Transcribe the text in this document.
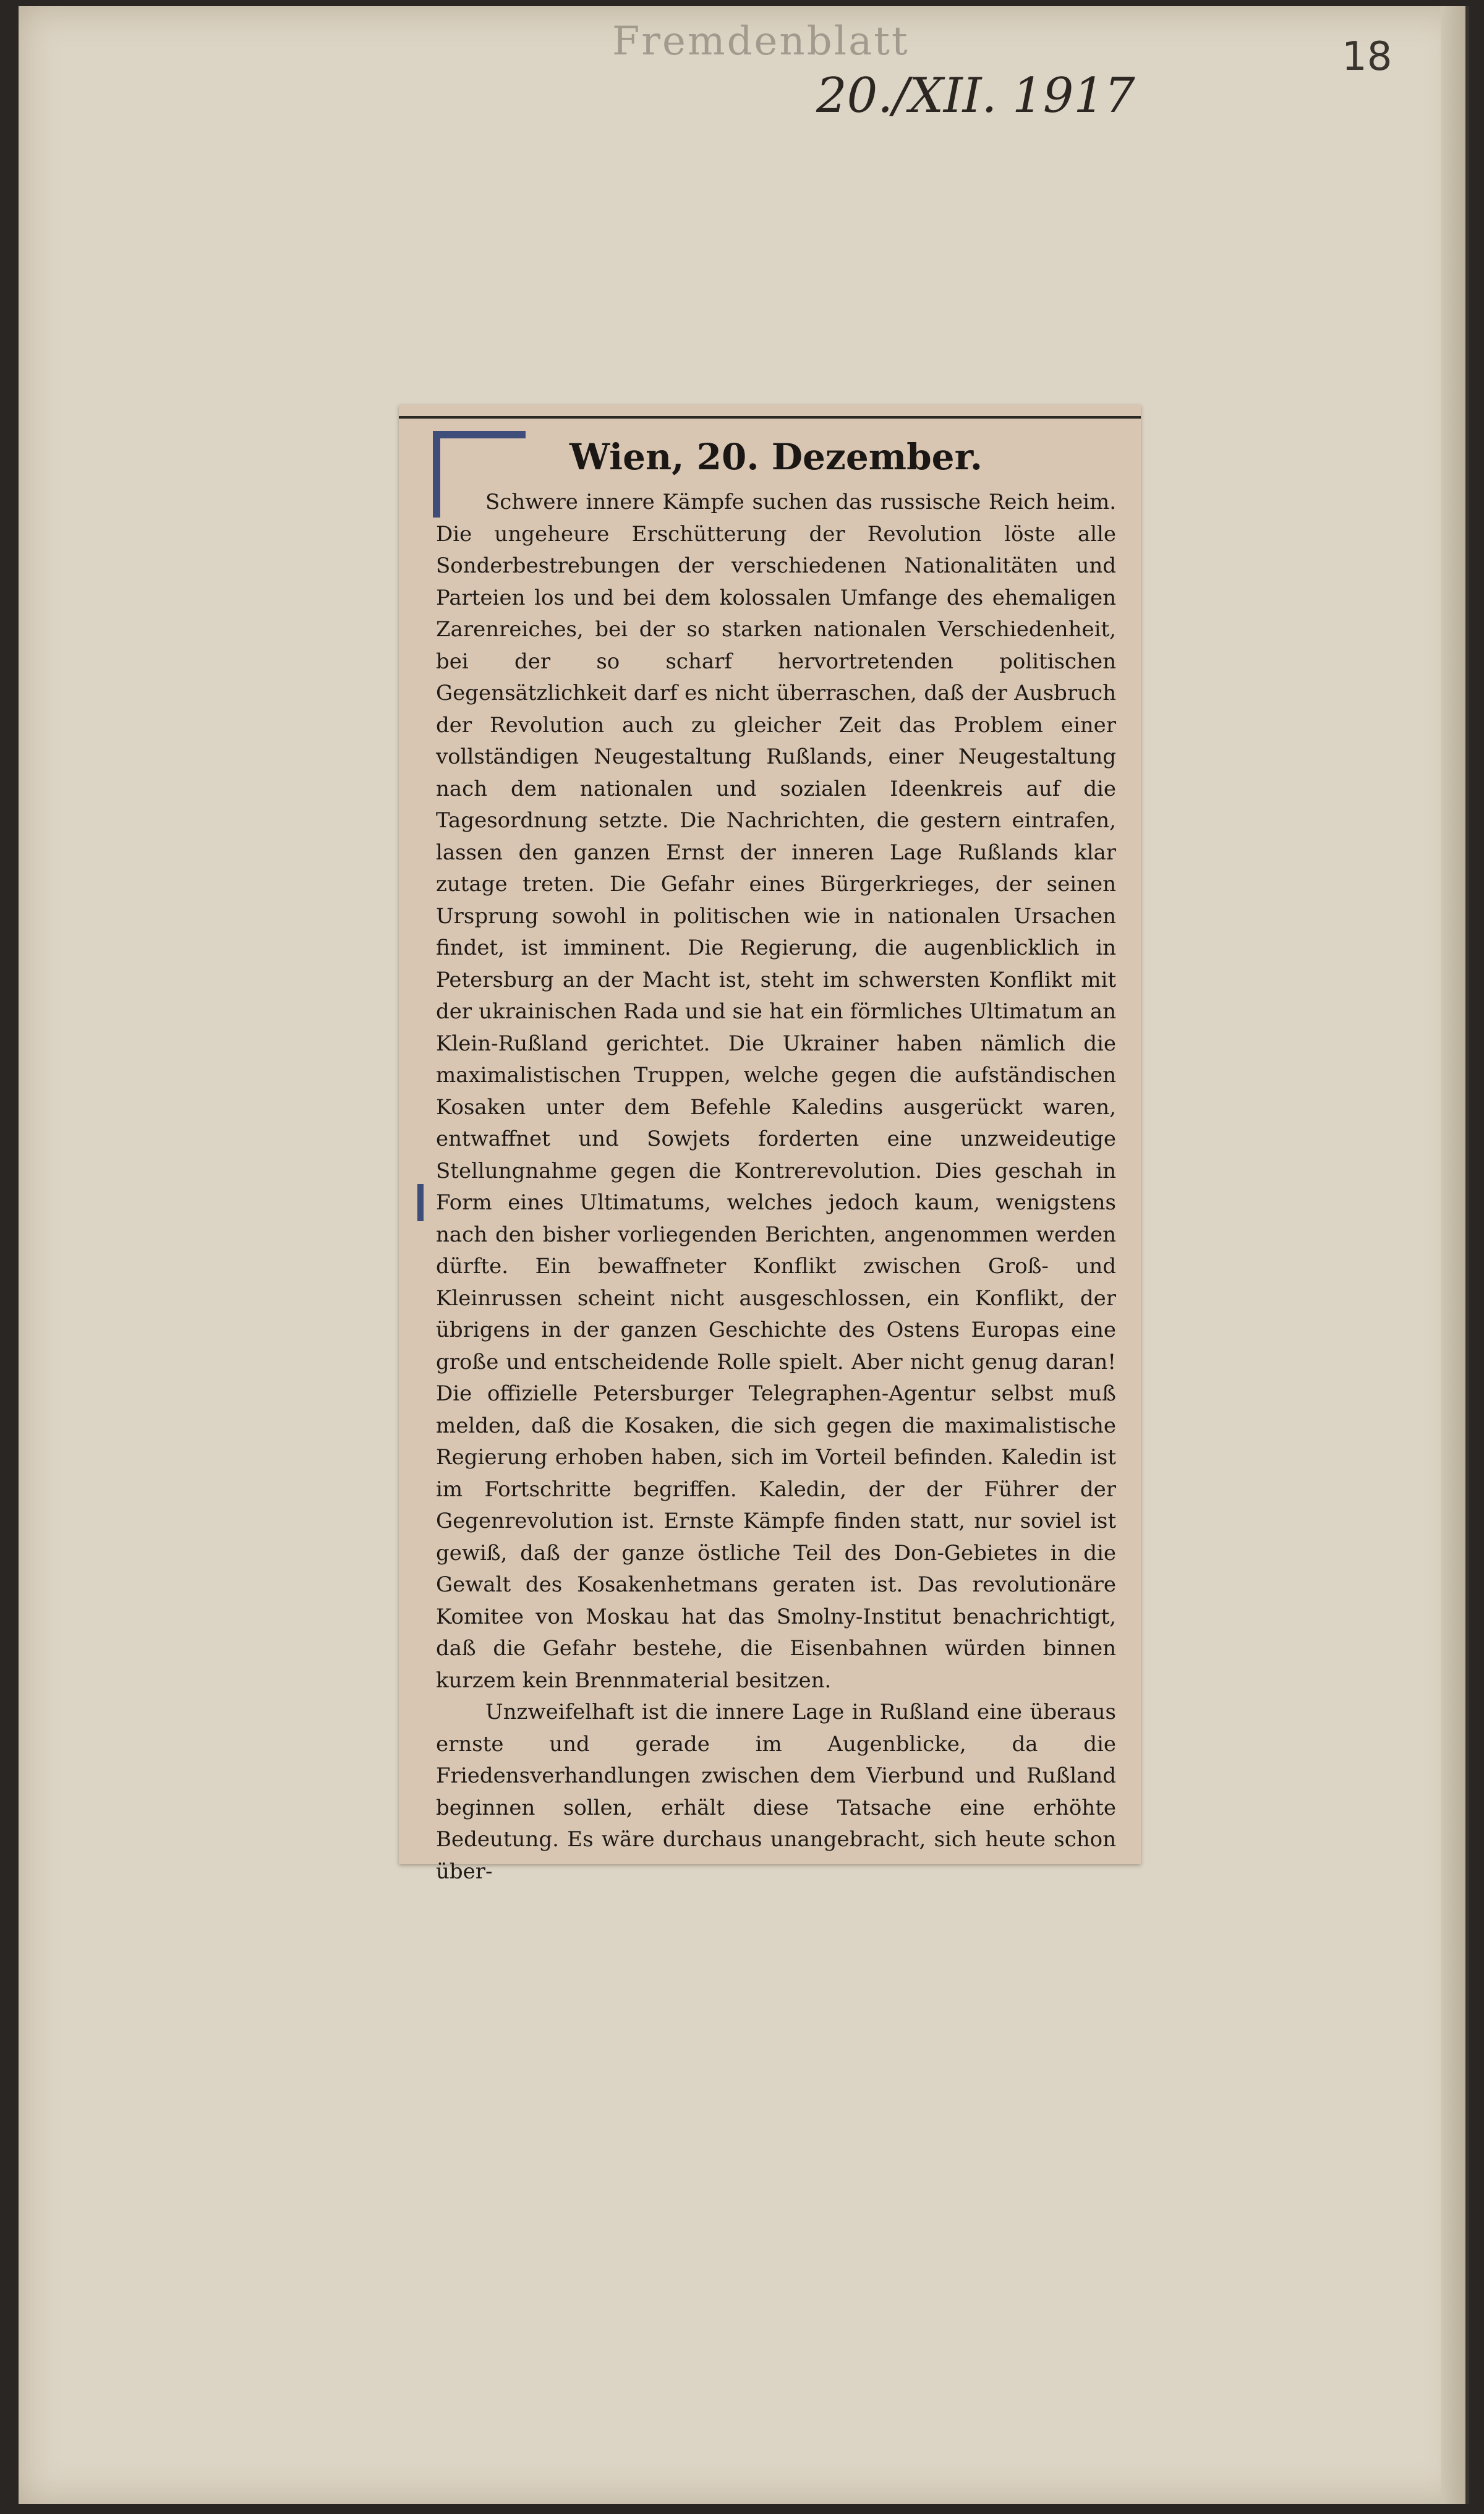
Fremdenblatt
20./XII. 1917
18
Wien, 20. Dezember.

Schwere innere Kämpfe suchen das russische Reich heim. Die ungeheure Erschütterung der Revolution löste alle Sonderbestrebungen der verschiedenen Nationalitäten und Parteien los und bei dem kolossalen Umfange des ehemaligen Zarenreiches, bei der so starken nationalen Verschiedenheit, bei der so scharf hervortretenden politischen Gegensätzlichkeit darf es nicht überraschen, daß der Ausbruch der Revolution auch zu gleicher Zeit das Problem einer vollständigen Neugestaltung Rußlands, einer Neugestaltung nach dem nationalen und sozialen Ideenkreis auf die Tagesordnung setzte. Die Nachrichten, die gestern eintrafen, lassen den ganzen Ernst der inneren Lage Rußlands klar zutage treten. Die Gefahr eines Bürgerkrieges, der seinen Ursprung sowohl in politischen wie in nationalen Ursachen findet, ist imminent. Die Regierung, die augenblicklich in Petersburg an der Macht ist, steht im schwersten Konflikt mit der ukrainischen Rada und sie hat ein förmliches Ultimatum an Klein-Rußland gerichtet. Die Ukrainer haben nämlich die maximalistischen Truppen, welche gegen die aufständischen Kosaken unter dem Befehle Kaledins ausgerückt waren, entwaffnet und Sowjets forderten eine unzweideutige Stellungnahme gegen die Kontrerevolution. Dies geschah in Form eines Ultimatums, welches jedoch kaum, wenigstens nach den bisher vorliegenden Berichten, angenommen werden dürfte. Ein bewaffneter Konflikt zwischen Groß- und Kleinrussen scheint nicht ausgeschlossen, ein Konflikt, der übrigens in der ganzen Geschichte des Ostens Europas eine große und entscheidende Rolle spielt. Aber nicht genug daran! Die offizielle Petersburger Telegraphen-Agentur selbst muß melden, daß die Kosaken, die sich gegen die maximalistische Regierung erhoben haben, sich im Vorteil befinden. Kaledin ist im Fortschritte begriffen. Kaledin, der der Führer der Gegenrevolution ist. Ernste Kämpfe finden statt, nur soviel ist gewiß, daß der ganze östliche Teil des Don-Gebietes in die Gewalt des Kosakenhetmans geraten ist. Das revolutionäre Komitee von Moskau hat das Smolny-Institut benachrichtigt, daß die Gefahr bestehe, die Eisenbahnen würden binnen kurzem kein Brennmaterial besitzen.

Unzweifelhaft ist die innere Lage in Rußland eine überaus ernste und gerade im Augenblicke, da die Friedensverhandlungen zwischen dem Vierbund und Rußland beginnen sollen, erhält diese Tatsache eine erhöhte Bedeutung. Es wäre durchaus unangebracht, sich heute schon über-
